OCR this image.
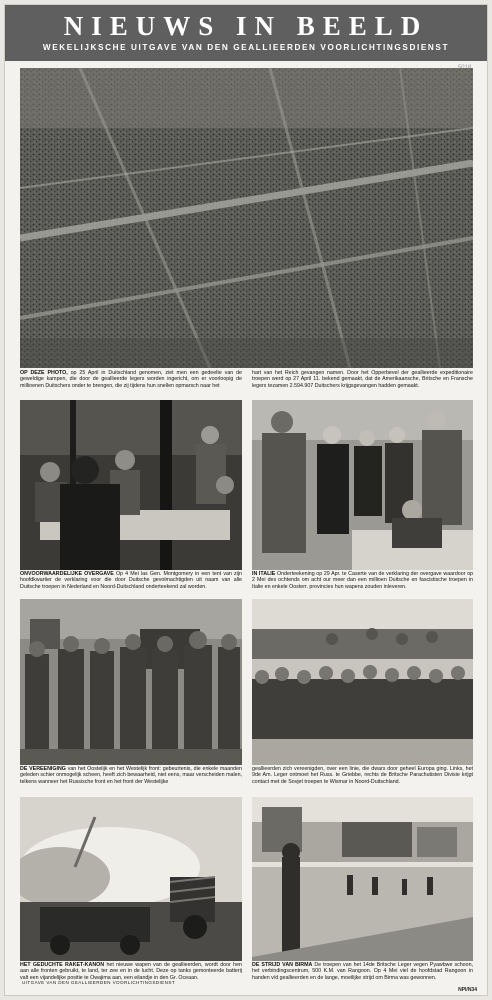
NIEUWS IN BEELD
WEKELIJKSCHE UITGAVE VAN DEN GEALLIEERDEN VOORLICHTINGSDIENST
OP DEZE PHOTO, op 25 April in Duitschland genomen, ziet men een gedeelte van de geweldige kampen, die door de geallieerde legers worden ingericht, om er voorloopig de millioenen Duitschers onder te brengen, die zij tijdens hun snellen opmarsch naar het
hart van het Reich gevangen namen. Door het Opperbevel der geallieerde expeditionaire troepen werd op 27 April 11. bekend gemaakt, dat de Amerikaansche, Britsche en Fransche legers tezamen 2.594.907 Duitschers krijgsgevangen hadden gemaakt.
ONVOORWAARDELIJKE OVERGAVE Op 4 Mei las Gen. Montgomery in een tent van zijn hoofdkwartier de verklaring voor die door Duitsche gevolmachtigden uit naam van alle Duitsche troepen in Nederland en Noord-Duitschland onderteekend zal worden.
IN ITALIE Onderteekening op 29 Apr. te Caserte van de verklaring der overgave waardoor op 2 Mei des ochtends om acht our meer dan een millioen Duitsche en fascistische troepen in Italie en enkele Oosterr. provincies hun wapens zouden inleveren.
DE VEREENIGING van het Oostelijk en het Westelijk front: gebeurtenis, die enkele maanden geleden schier onmogelijk scheen, heeft zich bewaarheid, niet eens, maar verscheiden malen, telkens wanneer het Russische front en het front der Westelijke
geallieerden zich vereenigden, over een linie, die dwars door geheel Europa ging. Links, het 9de Am. Leger ontmoet het Russ. te Griebbe, rechts de Britsche Parachutisten Divisie krijgt contact met de Sovjet troepen te Wismar in Noord-Duitschland.
HET GEDUCHTE RAKET-KANON het nieuwe wapen van de geallieerden, wordt door hen aan alle fronten gebruikt, te land, ter zee en in de lucht. Deze op tanks gemonteerde batterij valt een vijandelijke positie te Owajima aan, een eilandje in den Gr. Oceaan.
DE STRIJD VAN BIRMA De troepen van het 14de Britsche Leger vegen Pyawbwe schoon, het verbindingscentrum, 500 K.M. van Rangoon. Op 4 Mei viel de hoofdstad Rangoon in handen v/d geallieerden en de lange, moeilijke strijd om Birma was gewonnen.
UITGAVE VAN DEN GEALLIEERDEN VOORLICHTINGSDIENST
NPI/N34
